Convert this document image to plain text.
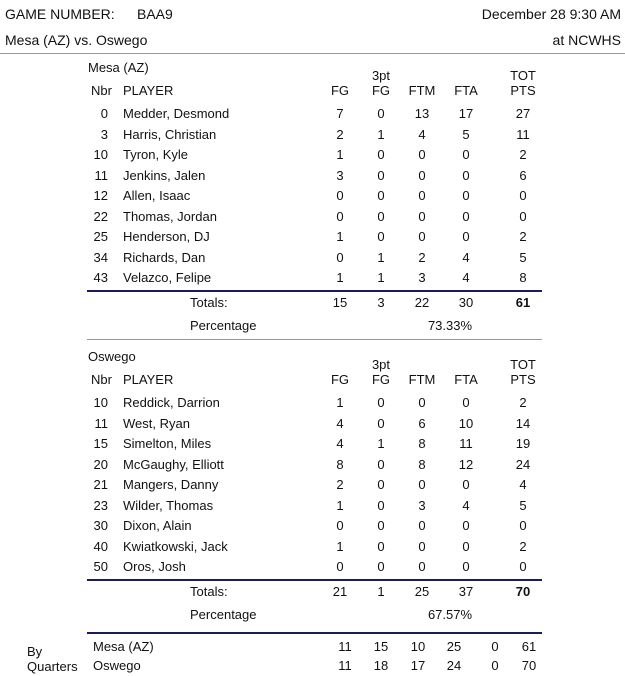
GAME NUMBER: BAA9	December 28 9:30 AM
Mesa (AZ) vs. Oswego	at NCWHS
Mesa (AZ)
3pt	TOT
Nbr PLAYER	FG	FG	FTM	FTA	PTS
0 Medder, Desmond	7	0	13	17	27
3 Harris, Christian	2	1	4	5	11
10 Tyron, Kyle	1	0	0	0	2
11 Jenkins, Jalen	3	0	0	0	6
12 Allen, Isaac	0	0	0	0	0
22 Thomas, Jordan	0	0	0	0	0
25 Henderson, DJ	1	0	0	0	2
34 Richards, Dan	0	1	2	4	5
43 Velazco, Felipe	1	1	3	4	8
Totals:	15	3	22	30	61
Percentage	73.33%
Oswego
3pt	TOT
Nbr PLAYER	FG	FG	FTM	FTA	PTS
10 Reddick, Darrion	1	0	0	0	2
11 West, Ryan	4	0	6	10	14
15 Simelton, Miles	4	1	8	11	19
20 McGaughy, Elliott	8	0	8	12	24
21 Mangers, Danny	2	0	0	0	4
23 Wilder, Thomas	1	0	3	4	5
30 Dixon, Alain	0	0	0	0	0
40 Kwiatkowski, Jack	1	0	0	0	2
50 Oros, Josh	0	0	0	0	0
Totals:	21	1	25	37	70
Percentage	67.57%
By
Quarters
Mesa (AZ)	11	15	10	25	0	61
Oswego	11	18	17	24	0	70
